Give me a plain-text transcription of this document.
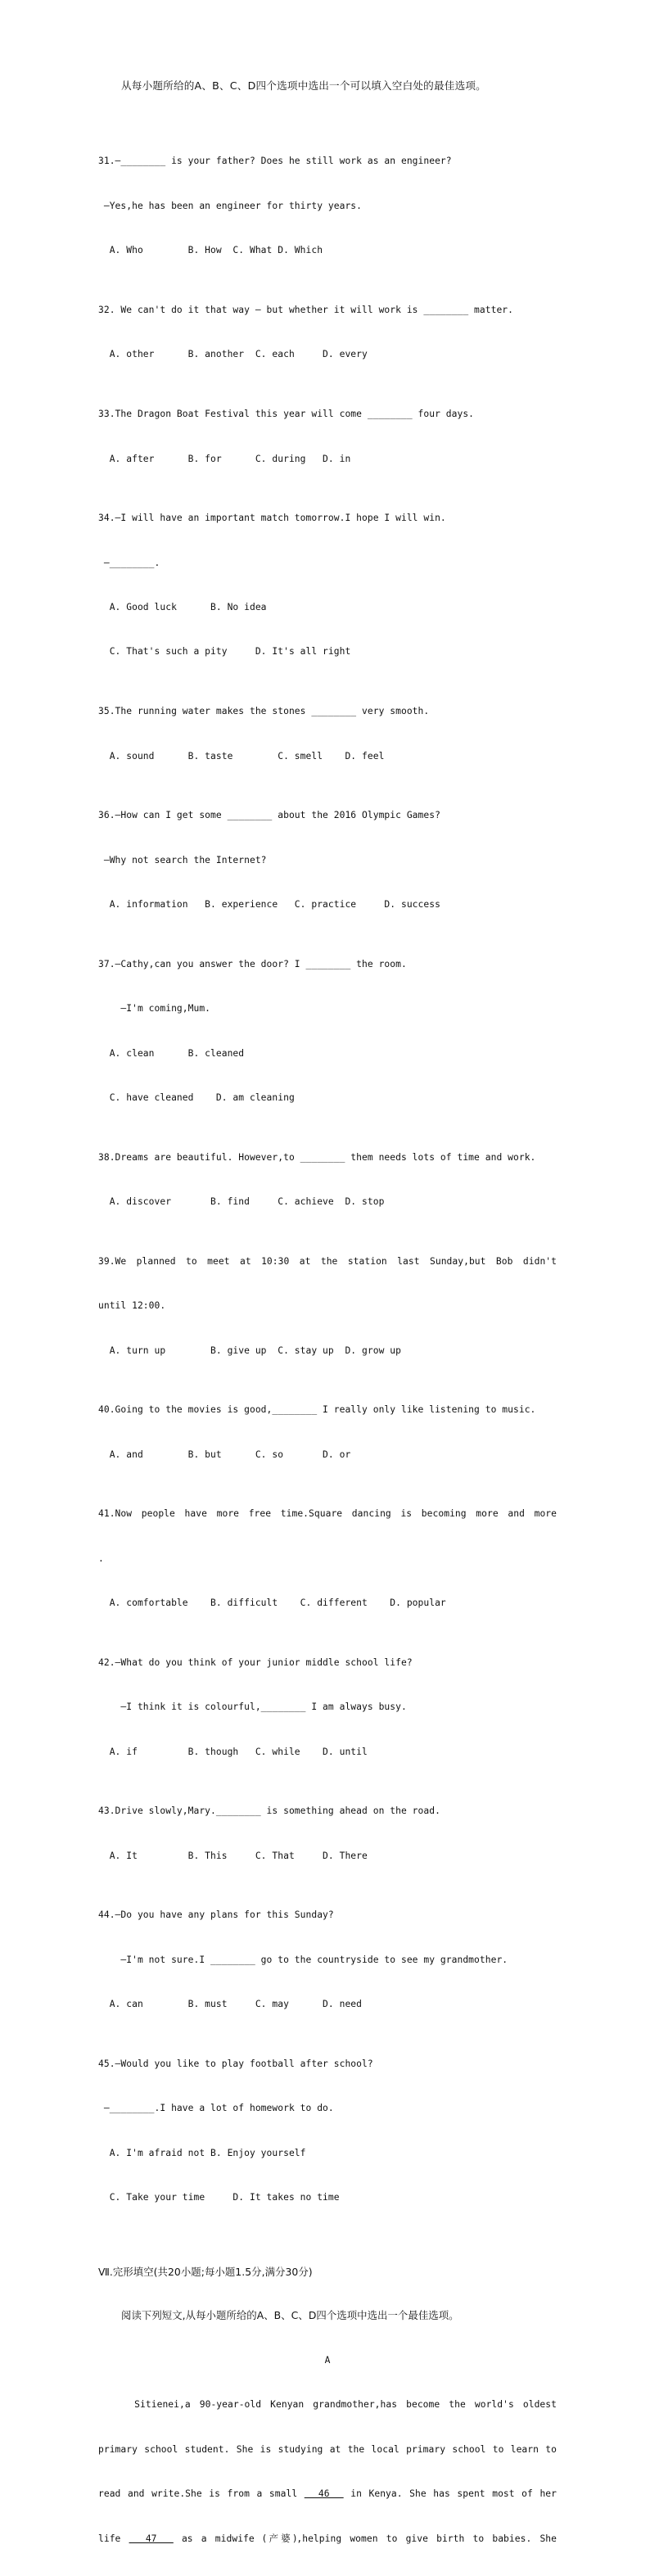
从每小题所给的A、B、C、D四个选项中选出一个可以填入空白处的最佳选项。

31.—________ is your father? Does he still work as an engineer?

—Yes,he has been an engineer for thirty years.

A. Who        B. How  C. What D. Which

32. We can't do it that way — but whether it will work is ________ matter.

A. other      B. another  C. each     D. every

33.The Dragon Boat Festival this year will come ________ four days.

A. after      B. for      C. during   D. in

34.—I will have an important match tomorrow.I hope I will win.

—________.

A. Good luck      B. No idea

C. That's such a pity     D. It's all right

35.The running water makes the stones ________ very smooth.

A. sound      B. taste        C. smell    D. feel

36.—How can I get some ________ about the 2016 Olympic Games?

—Why not search the Internet?

A. information   B. experience   C. practice     D. success

37.—Cathy,can you answer the door? I ________ the room.

—I'm coming,Mum.

A. clean      B. cleaned

C. have cleaned    D. am cleaning

38.Dreams are beautiful. However,to ________ them needs lots of time and work.

A. discover       B. find     C. achieve  D. stop

39.We planned to meet at 10:30 at the station last Sunday,but Bob didn't

until 12:00.

A. turn up        B. give up  C. stay up  D. grow up

40.Going to the movies is good,________ I really only like listening to music.

A. and        B. but      C. so       D. or

41.Now people have more free time.Square dancing is becoming more and more

.

A. comfortable    B. difficult    C. different    D. popular

42.—What do you think of your junior middle school life?

—I think it is colourful,________ I am always busy.

A. if         B. though   C. while    D. until

43.Drive slowly,Mary.________ is something ahead on the road.

A. It         B. This     C. That     D. There

44.—Do you have any plans for this Sunday?

—I'm not sure.I ________ go to the countryside to see my grandmother.

A. can        B. must     C. may      D. need

45.—Would you like to play football after school?

—________.I have a lot of homework to do.

A. I'm afraid not B. Enjoy yourself

C. Take your time     D. It takes no time

Ⅶ.完形填空(共20小题;每小题1.5分,满分30分)

阅读下列短文,从每小题所给的A、B、C、D四个选项中选出一个最佳选项。

A

Sitienei,a 90-year-old Kenyan grandmother,has become the world's oldest

primary school student. She is studying at the local primary school to learn to

read and write.She is from a small   46   in Kenya. She has spent most of her

life   47   as a midwife (产婆),helping women to give birth to babies. She
